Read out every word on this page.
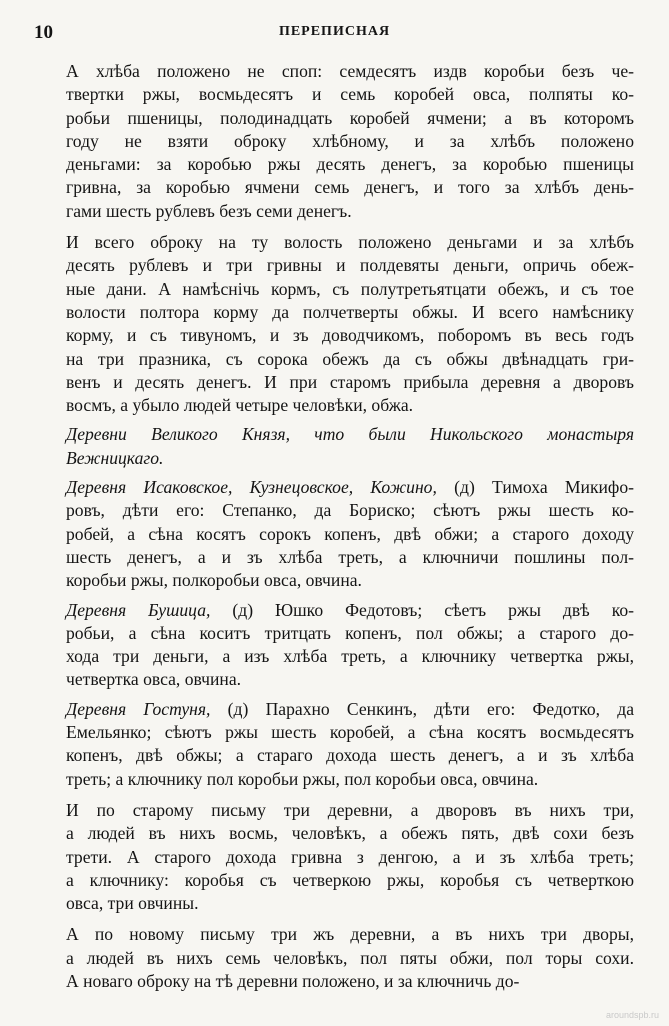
10	ПЕРЕПИСНАЯ
А хлѣба положено не споп: семдесятъ издв коробьи безъ че-
твертки ржы, восмьдесятъ и семь коробей овса, полпяты ко-
робьи пшеницы, полодинадцать коробей ячмени; а въ которомъ
году не взяти оброку хлѣбному, и за хлѣбъ положено
деньгами: за коробью ржы десять денегъ, за коробью пшеницы
гривна, за коробью ячмени семь денегъ, и того за хлѣбъ день-
гами шесть рублевъ безъ семи денегъ.
И всего оброку на ту волость положено деньгами и за хлѣбъ
десять рублевъ и три гривны и полдевяты деньги, опричь обеж-
ные дани. А намѣснічь кормъ, съ полутретьятцати обежъ, и съ тое
волости полтора корму да полчетверты обжы. И всего намѣснику
корму, и съ тивуномъ, и зъ доводчикомъ, поборомъ въ весь годъ
на три празника, съ сорока обежъ да съ обжы двѣнадцать гри-
венъ и десять денегъ. И при старомъ прибыла деревня а дворовъ
восмъ, а убыло людей четыре человѣки, обжа.
Деревни Великого Князя, что были Никольского монастыря
Вежницкаго.
Деревня Исаковское, Кузнецовское, Кожино, (д) Тимоха Микифо-
ровъ, дѣти его: Степанко, да Бориско; сѣютъ ржы шесть ко-
робей, а сѣна косятъ сорокъ копенъ, двѣ обжи; а старого доходу
шесть денегъ, а и зъ хлѣба треть, а ключничи пошлины пол-
коробьи ржы, полкоробьи овса, овчина.
Деревня Бушица, (д) Юшко Федотовъ; сѣетъ ржы двѣ ко-
робьи, а сѣна коситъ тритцать копенъ, пол обжы; а старого до-
хода три деньги, а изъ хлѣба треть, а ключнику четвертка ржы,
четвертка овса, овчина.
Деревня Гостуня, (д) Парахно Сенкинъ, дѣти его: Федотко, да
Емельянко; сѣютъ ржы шесть коробей, а сѣна косятъ восмьдесятъ
копенъ, двѣ обжы; а стараго дохода шесть денегъ, а и зъ хлѣба
треть; а ключнику пол коробьи ржы, пол коробьи овса, овчина.
И по старому письму три деревни, а дворовъ въ нихъ три,
а людей въ нихъ восмь, человѣкъ, а обежъ пять, двѣ сохи безъ
трети. А старого дохода гривна з денгою, а и зъ хлѣба треть;
а ключнику: коробья съ четверкою ржы, коробья съ четверткою
овса, три овчины.
А по новому письму три жъ деревни, а въ нихъ три дворы,
а людей въ нихъ семь человѣкъ, пол пяты обжи, пол торы сохи.
А новаго оброку на тѣ деревни положено, и за ключничь до-
aroundspb.ru
